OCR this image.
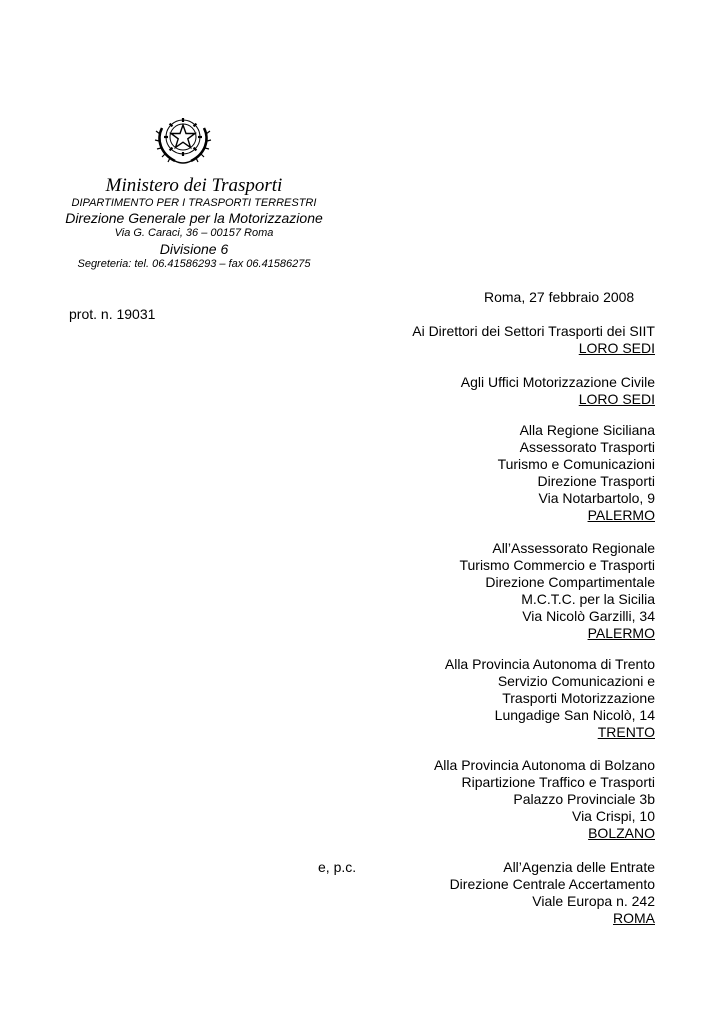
Ministero dei Trasporti
DIPARTIMENTO PER I TRASPORTI TERRESTRI
Direzione Generale per la Motorizzazione
Via G. Caraci, 36 – 00157 Roma
Divisione 6
Segreteria: tel. 06.41586293 – fax 06.41586275
Roma, 27 febbraio 2008
prot. n. 19031
Ai Direttori dei Settori Trasporti dei SIIT
LORO SEDI
Agli Uffici Motorizzazione Civile
LORO SEDI
Alla Regione Siciliana
Assessorato Trasporti
Turismo e Comunicazioni
Direzione Trasporti
Via Notarbartolo, 9
PALERMO
All’Assessorato Regionale
Turismo Commercio e Trasporti
Direzione Compartimentale
M.C.T.C. per la Sicilia
Via Nicolò Garzilli, 34
PALERMO
Alla Provincia Autonoma di Trento
Servizio Comunicazioni e
Trasporti Motorizzazione
Lungadige San Nicolò, 14
TRENTO
Alla Provincia Autonoma di Bolzano
Ripartizione Traffico e Trasporti
Palazzo Provinciale 3b
Via Crispi, 10
BOLZANO
e, p.c.	All’Agenzia delle Entrate
Direzione Centrale Accertamento
Viale Europa n. 242
ROMA
